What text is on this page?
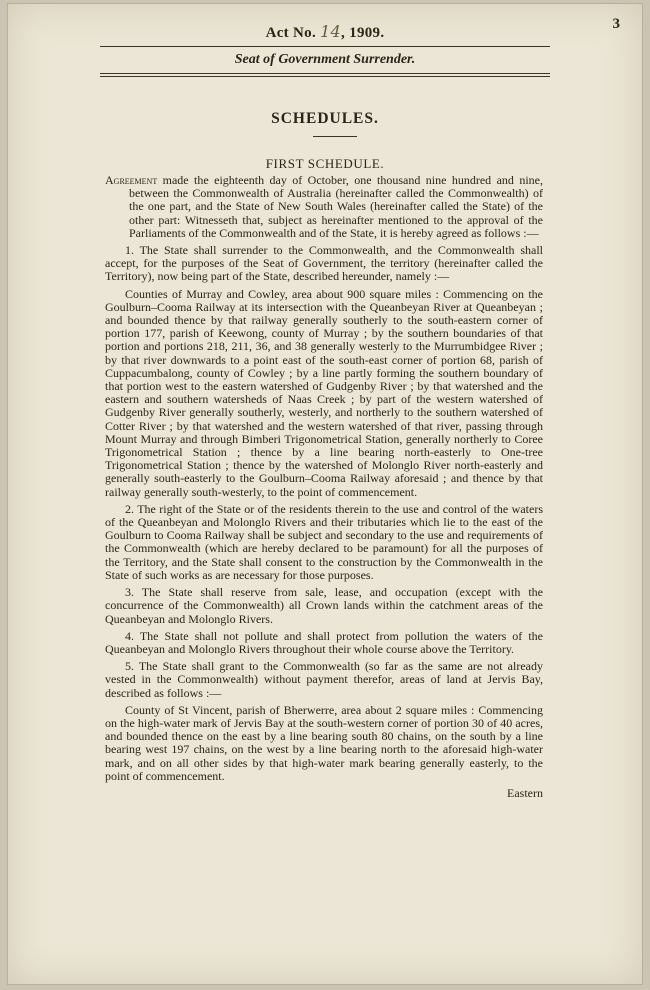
3
Act No. 14, 1909.
Seat of Government Surrender.
SCHEDULES.
FIRST SCHEDULE.

Agreement made the eighteenth day of October, one thousand nine hundred and nine, between the Commonwealth of Australia (hereinafter called the Commonwealth) of the one part, and the State of New South Wales (hereinafter called the State) of the other part: Witnesseth that, subject as hereinafter mentioned to the approval of the Parliaments of the Commonwealth and of the State, it is hereby agreed as follows :—

1. The State shall surrender to the Commonwealth, and the Commonwealth shall accept, for the purposes of the Seat of Government, the territory (hereinafter called the Territory), now being part of the State, described hereunder, namely :—

Counties of Murray and Cowley, area about 900 square miles : Commencing on the Goulburn–Cooma Railway at its intersection with the Queanbeyan River at Queanbeyan ; and bounded thence by that railway generally southerly to the south-eastern corner of portion 177, parish of Keewong, county of Murray ; by the southern boundaries of that portion and portions 218, 211, 36, and 38 generally westerly to the Murrumbidgee River ; by that river downwards to a point east of the south-east corner of portion 68, parish of Cuppacumbalong, county of Cowley ; by a line partly forming the southern boundary of that portion west to the eastern watershed of Gudgenby River ; by that watershed and the eastern and southern watersheds of Naas Creek ; by part of the western watershed of Gudgenby River generally southerly, westerly, and northerly to the southern watershed of Cotter River ; by that watershed and the western watershed of that river, passing through Mount Murray and through Bimberi Trigonometrical Station, generally northerly to Coree Trigonometrical Station ; thence by a line bearing north-easterly to One-tree Trigonometrical Station ; thence by the watershed of Molonglo River north-easterly and generally south-easterly to the Goulburn–Cooma Railway aforesaid ; and thence by that railway generally south-westerly, to the point of commencement.

2. The right of the State or of the residents therein to the use and control of the waters of the Queanbeyan and Molonglo Rivers and their tributaries which lie to the east of the Goulburn to Cooma Railway shall be subject and secondary to the use and requirements of the Commonwealth (which are hereby declared to be paramount) for all the purposes of the Territory, and the State shall consent to the construction by the Commonwealth in the State of such works as are necessary for those purposes.

3. The State shall reserve from sale, lease, and occupation (except with the concurrence of the Commonwealth) all Crown lands within the catchment areas of the Queanbeyan and Molonglo Rivers.

4. The State shall not pollute and shall protect from pollution the waters of the Queanbeyan and Molonglo Rivers throughout their whole course above the Territory.

5. The State shall grant to the Commonwealth (so far as the same are not already vested in the Commonwealth) without payment therefor, areas of land at Jervis Bay, described as follows :—

County of St Vincent, parish of Bherwerre, area about 2 square miles : Commencing on the high-water mark of Jervis Bay at the south-western corner of portion 30 of 40 acres, and bounded thence on the east by a line bearing south 80 chains, on the south by a line bearing west 197 chains, on the west by a line bearing north to the aforesaid high-water mark, and on all other sides by that high-water mark bearing generally easterly, to the point of commencement.

Eastern
